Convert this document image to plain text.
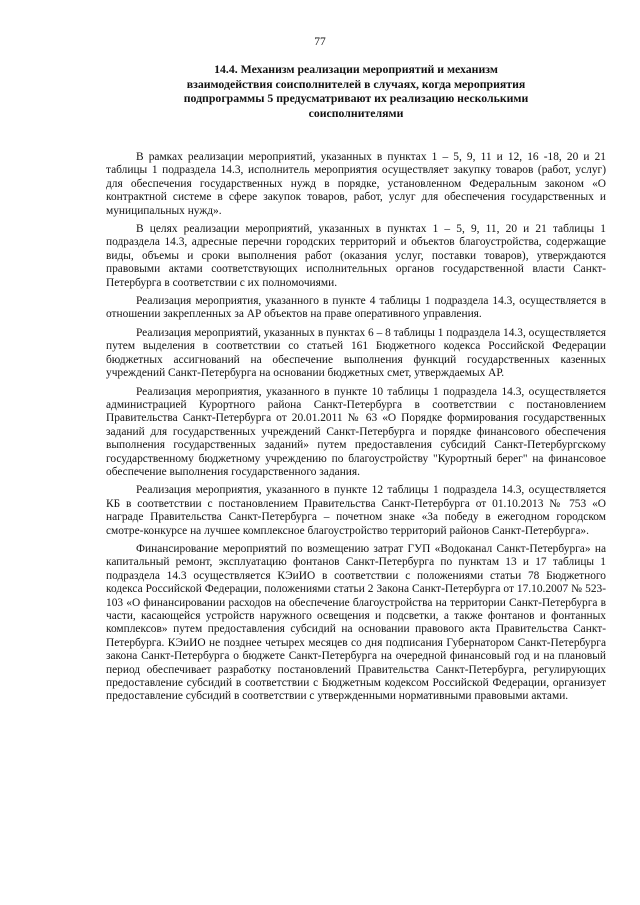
77
14.4. Механизм реализации мероприятий и механизм
взаимодействия соисполнителей в случаях, когда мероприятия
подпрограммы 5 предусматривают их реализацию несколькими
соисполнителями

В рамках реализации мероприятий, указанных в пунктах 1 – 5, 9, 11 и 12, 16 -18, 20 и 21 таблицы 1 подраздела 14.3, исполнитель мероприятия осуществляет закупку товаров (работ, услуг) для обеспечения государственных нужд в порядке, установленном Федеральным законом «О контрактной системе в сфере закупок товаров, работ, услуг для обеспечения государственных и муниципальных нужд».

В целях реализации мероприятий, указанных в пунктах 1 – 5, 9, 11, 20 и 21 таблицы 1 подраздела 14.3, адресные перечни городских территорий и объектов благоустройства, содержащие виды, объемы и сроки выполнения работ (оказания услуг, поставки товаров), утверждаются правовыми актами соответствующих исполнительных органов государственной власти Санкт-Петербурга в соответствии с их полномочиями.

Реализация мероприятия, указанного в пункте 4 таблицы 1 подраздела 14.3, осуществляется в отношении закрепленных за АР объектов на праве оперативного управления.

Реализация мероприятий, указанных в пунктах 6 – 8 таблицы 1 подраздела 14.3, осуществляется путем выделения в соответствии со статьей 161 Бюджетного кодекса Российской Федерации бюджетных ассигнований на обеспечение выполнения функций государственных казенных учреждений Санкт-Петербурга на основании бюджетных смет, утверждаемых АР.

Реализация мероприятия, указанного в пункте 10 таблицы 1 подраздела 14.3, осуществляется администрацией Курортного района Санкт-Петербурга в соответствии с постановлением Правительства Санкт-Петербурга от 20.01.2011 № 63 «О Порядке формирования государственных заданий для государственных учреждений Санкт-Петербурга и порядке финансового обеспечения выполнения государственных заданий» путем предоставления субсидий Санкт-Петербургскому государственному бюджетному учреждению по благоустройству "Курортный берег" на финансовое обеспечение выполнения государственного задания.

Реализация мероприятия, указанного в пункте 12 таблицы 1 подраздела 14.3, осуществляется КБ в соответствии с постановлением Правительства Санкт-Петербурга от 01.10.2013 № 753 «О награде Правительства Санкт-Петербурга – почетном знаке «За победу в ежегодном городском смотре-конкурсе на лучшее комплексное благоустройство территорий районов Санкт-Петербурга».

Финансирование мероприятий по возмещению затрат ГУП «Водоканал Санкт-Петербурга» на капитальный ремонт, эксплуатацию фонтанов Санкт-Петербурга по пунктам 13 и 17 таблицы 1 подраздела 14.3 осуществляется КЭиИО в соответствии с положениями статьи 78 Бюджетного кодекса Российской Федерации, положениями статьи 2 Закона Санкт-Петербурга от 17.10.2007 № 523-103 «О финансировании расходов на обеспечение благоустройства на территории Санкт-Петербурга в части, касающейся устройств наружного освещения и подсветки, а также фонтанов и фонтанных комплексов» путем предоставления субсидий на основании правового акта Правительства Санкт-Петербурга. КЭиИО не позднее четырех месяцев со дня подписания Губернатором Санкт-Петербурга закона Санкт-Петербурга о бюджете Санкт-Петербурга на очередной финансовый год и на плановый период обеспечивает разработку постановлений Правительства Санкт-Петербурга, регулирующих предоставление субсидий в соответствии с Бюджетным кодексом Российской Федерации, организует предоставление субсидий в соответствии с утвержденными нормативными правовыми актами.
